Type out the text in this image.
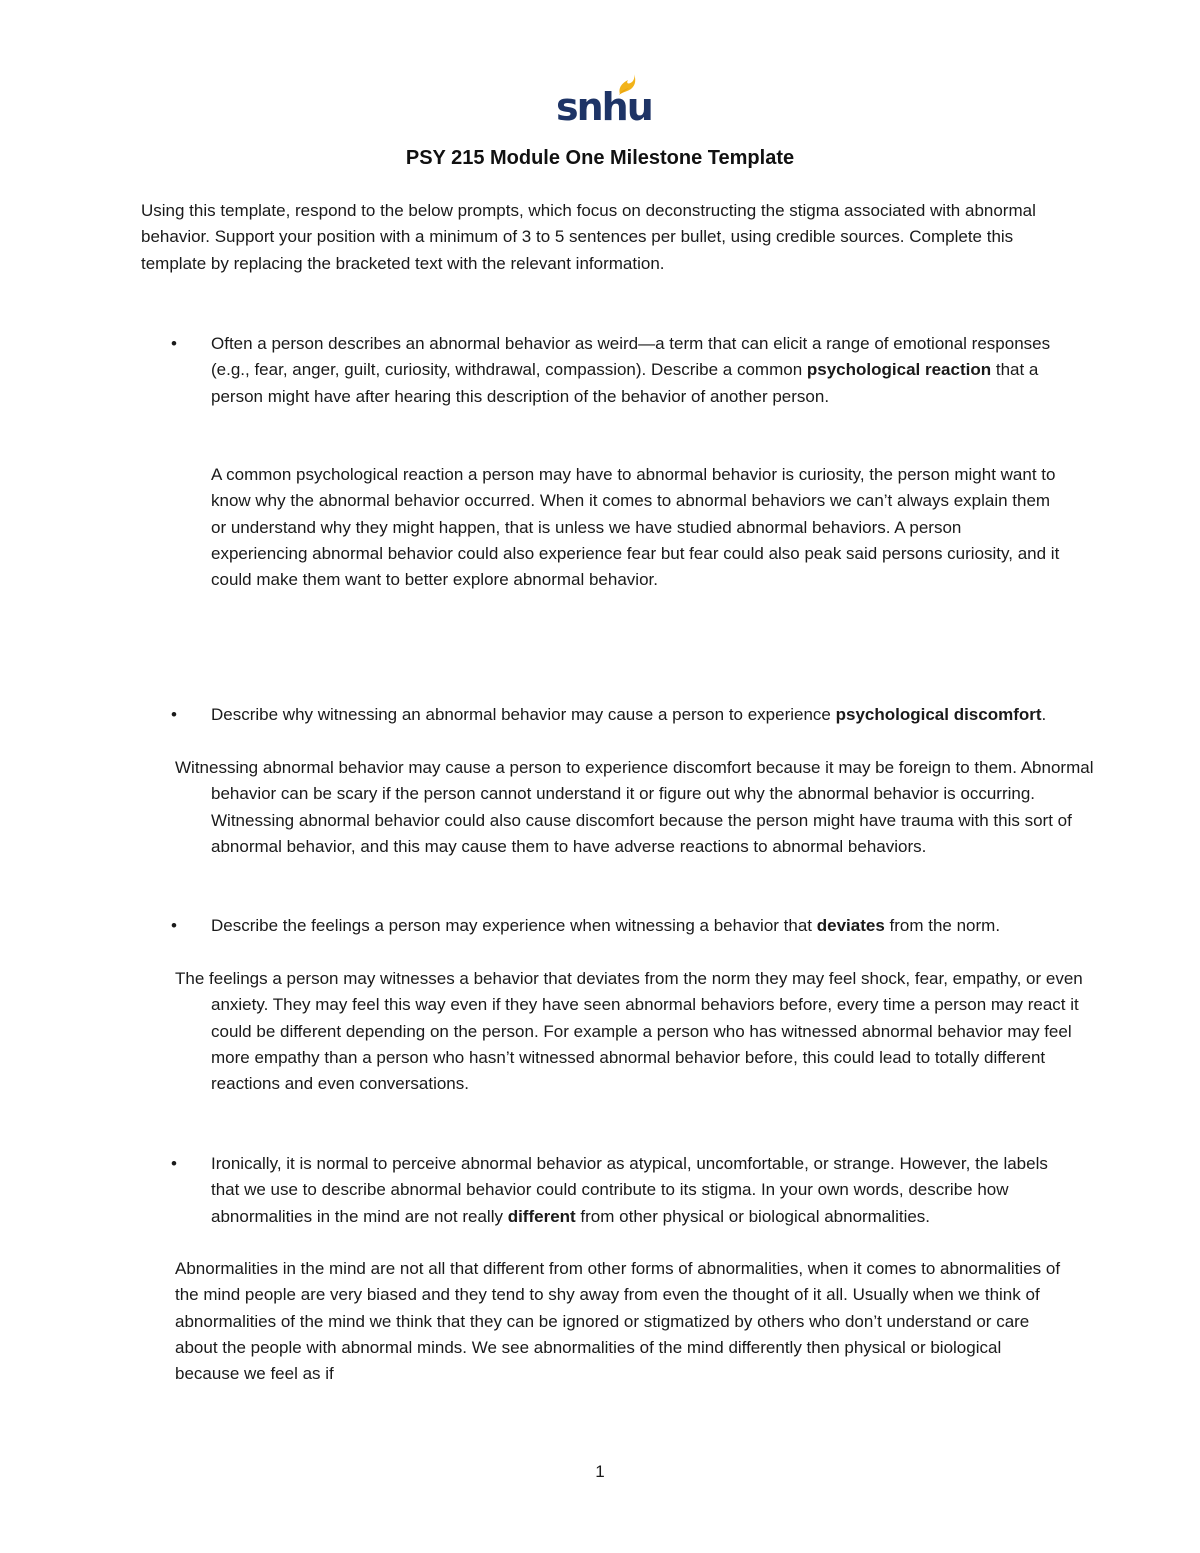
snhu
PSY 215 Module One Milestone Template

Using this template, respond to the below prompts, which focus on deconstructing the stigma associated with abnormal behavior. Support your position with a minimum of 3 to 5 sentences per bullet, using credible sources. Complete this template by replacing the bracketed text with the relevant information.

• Often a person describes an abnormal behavior as weird—a term that can elicit a range of emotional responses (e.g., fear, anger, guilt, curiosity, withdrawal, compassion). Describe a common psychological reaction that a person might have after hearing this description of the behavior of another person.

A common psychological reaction a person may have to abnormal behavior is curiosity, the person might want to know why the abnormal behavior occurred. When it comes to abnormal behaviors we can’t always explain them or understand why they might happen, that is unless we have studied abnormal behaviors. A person experiencing abnormal behavior could also experience fear but fear could also peak said persons curiosity, and it could make them want to better explore abnormal behavior.

• Describe why witnessing an abnormal behavior may cause a person to experience psychological discomfort.

Witnessing abnormal behavior may cause a person to experience discomfort because it may be foreign to them. Abnormal behavior can be scary if the person cannot understand it or figure out why the abnormal behavior is occurring. Witnessing abnormal behavior could also cause discomfort because the person might have trauma with this sort of abnormal behavior, and this may cause them to have adverse reactions to abnormal behaviors.

• Describe the feelings a person may experience when witnessing a behavior that deviates from the norm.

The feelings a person may witnesses a behavior that deviates from the norm they may feel shock, fear, empathy, or even anxiety. They may feel this way even if they have seen abnormal behaviors before, every time a person may react it could be different depending on the person. For example a person who has witnessed abnormal behavior may feel more empathy than a person who hasn’t witnessed abnormal behavior before, this could lead to totally different reactions and even conversations.

• Ironically, it is normal to perceive abnormal behavior as atypical, uncomfortable, or strange. However, the labels that we use to describe abnormal behavior could contribute to its stigma. In your own words, describe how abnormalities in the mind are not really different from other physical or biological abnormalities.

Abnormalities in the mind are not all that different from other forms of abnormalities, when it comes to abnormalities of the mind people are very biased and they tend to shy away from even the thought of it all. Usually when we think of abnormalities of the mind we think that they can be ignored or stigmatized by others who don’t understand or care about the people with abnormal minds. We see abnormalities of the mind differently then physical or biological because we feel as if

1
